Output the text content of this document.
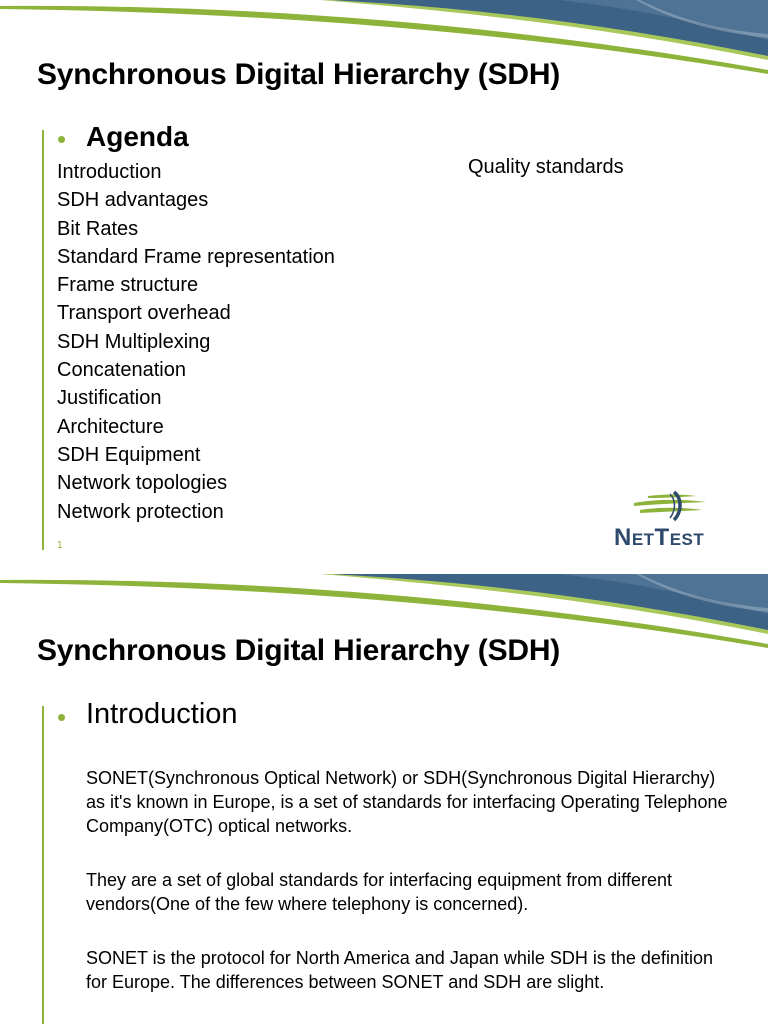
Synchronous Digital Hierarchy (SDH)
• Agenda
Introduction
SDH advantages
Bit Rates
Standard Frame representation
Frame structure
Transport overhead
SDH Multiplexing
Concatenation
Justification
Architecture
SDH Equipment
Network topologies
Network protection
Quality standards
1	NetTest
Synchronous Digital Hierarchy (SDH)
• Introduction

SONET(Synchronous Optical Network) or SDH(Synchronous Digital Hierarchy) as it's known in Europe, is a set of standards for interfacing Operating Telephone Company(OTC) optical networks.

They are a set of global standards for interfacing equipment from different vendors(One of the few where telephony is concerned).

SONET is the protocol for North America and Japan while SDH is the definition for Europe. The differences between SONET and SDH are slight.
